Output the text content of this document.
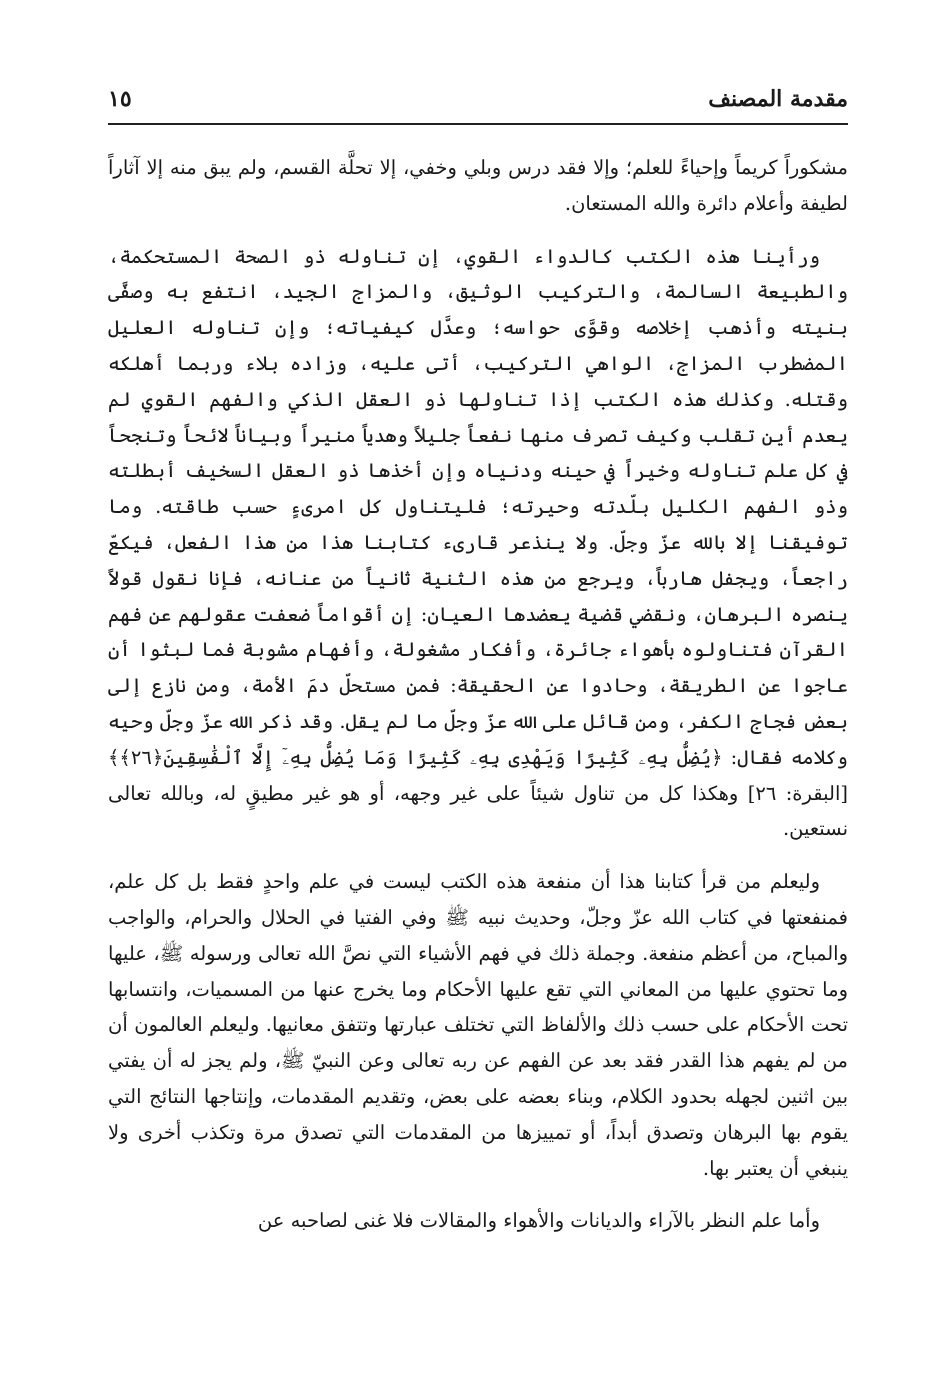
مقدمة المصنف
١٥

مشكوراً كريماً وإحياءً للعلم؛ وإلا فقد درس وبلي وخفي، إلا تحلَّة القسم، ولم يبق منه إلا آثاراً لطيفة وأعلام دائرة والله المستعان.

ورأينا هذه الكتب كالدواء القوي، إن تناوله ذو الصحة المستحكمة، والطبيعة السالمة، والتركيب الوثيق، والمزاج الجيد، انتفع به وصفَّى بنيته وأذهب إخلاصه وقوَّى حواسه؛ وعدَّل كيفياته؛ وإن تناوله العليل المضطرب المزاج، الواهي التركيب، أتى عليه، وزاده بلاء وربما أهلكه وقتله. وكذلك هذه الكتب إذا تناولها ذو العقل الذكي والفهم القوي لم يعدم أين تقلب وكيف تصرف منها نفعاً جليلاً وهدياً منيراً وبياناً لائحاً وتنجحاً في كل علم تناوله وخيراً في حينه ودنياه وإن أخذها ذو العقل السخيف أبطلته وذو الفهم الكليل بلّدته وحيرته؛ فليتناول كل امرىءٍ حسب طاقته. وما توفيقنا إلا بالله عزّ وجلّ. ولا ينذعر قارىء كتابنا هذا من هذا الفعل، فيكعّ راجعاً، ويجفل هارباً، ويرجع من هذه الثنية ثانياً من عنانه، فإنا نقول قولاً ينصره البرهان، ونقضي قضية يعضدها العيان: إن أقواماً ضعفت عقولهم عن فهم القرآن فتناولوه بأهواء جائرة، وأفكار مشغولة، وأفهام مشوبة فما لبثوا أن عاجوا عن الطريقة، وحادوا عن الحقيقة: فمن مستحلّ دمَ الأمة، ومن نازع إلى بعض فجاج الكفر، ومن قائل على الله عزّ وجلّ ما لم يقل. وقد ذكر الله عزّ وجلّ وحيه وكلامه فقال: ﴿يُضِلُّ بِهِۦ كَثِيرًا وَيَهْدِى بِهِۦ كَثِيرًا وَمَا يُضِلُّ بِهِۦٓ إِلَّا ٱلْفَٰسِقِينَ﴿٢٦﴾﴾ [البقرة: ٢٦] وهكذا كل من تناول شيئاً على غير وجهه، أو هو غير مطيقٍ له، وبالله تعالى نستعين.

وليعلم من قرأ كتابنا هذا أن منفعة هذه الكتب ليست في علم واحدٍ فقط بل كل علم، فمنفعتها في كتاب الله عزّ وجلّ، وحديث نبيه ﷺ وفي الفتيا في الحلال والحرام، والواجب والمباح، من أعظم منفعة. وجملة ذلك في فهم الأشياء التي نصَّ الله تعالى ورسوله ﷺ، عليها وما تحتوي عليها من المعاني التي تقع عليها الأحكام وما يخرج عنها من المسميات، وانتسابها تحت الأحكام على حسب ذلك والألفاظ التي تختلف عبارتها وتتفق معانيها. وليعلم العالمون أن من لم يفهم هذا القدر فقد بعد عن الفهم عن ربه تعالى وعن النبيّ ﷺ، ولم يجز له أن يفتي بين اثنين لجهله بحدود الكلام، وبناء بعضه على بعض، وتقديم المقدمات، وإنتاجها النتائج التي يقوم بها البرهان وتصدق أبداً، أو تمييزها من المقدمات التي تصدق مرة وتكذب أخرى ولا ينبغي أن يعتبر بها.

وأما علم النظر بالآراء والديانات والأهواء والمقالات فلا غنى لصاحبه عن
